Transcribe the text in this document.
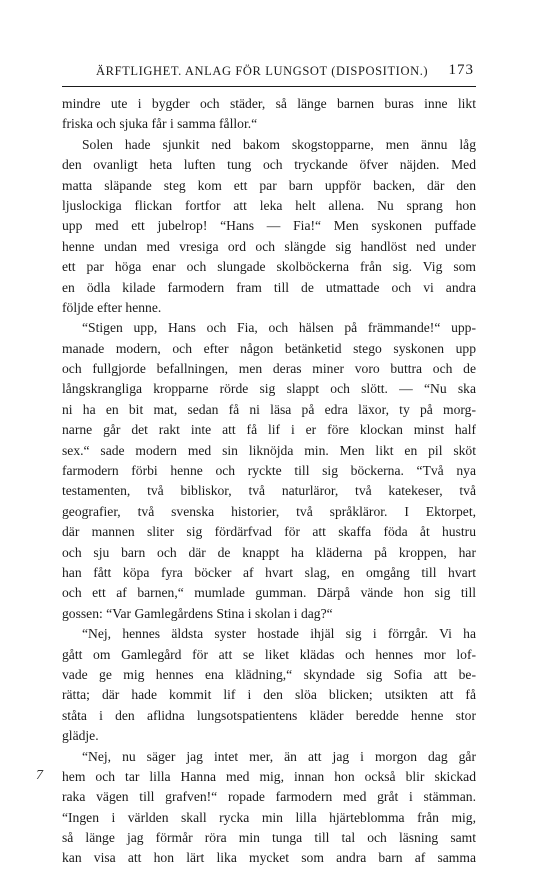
ÄRFTLIGHET. ANLAG FÖR LUNGSOT (DISPOSITION.) 173
mindre ute i bygder och städer, så länge barnen buras inne likt
friska och sjuka får i samma fållor.“
Solen hade sjunkit ned bakom skogstopparne, men ännu låg
den ovanligt heta luften tung och tryckande öfver näjden. Med
matta släpande steg kom ett par barn uppför backen, där den
ljuslockiga flickan fortfor att leka helt allena. Nu sprang hon
upp med ett jubelrop! “Hans — Fia!“ Men syskonen puffade
henne undan med vresiga ord och slängde sig handlöst ned under
ett par höga enar och slungade skolböckerna från sig. Vig som
en ödla kilade farmodern fram till de utmattade och vi andra
följde efter henne.
“Stigen upp, Hans och Fia, och hälsen på främmande!“ upp-
manade modern, och efter någon betänketid stego syskonen upp
och fullgjorde befallningen, men deras miner voro buttra och de
långskrangliga kropparne rörde sig slappt och slött. — “Nu ska
ni ha en bit mat, sedan få ni läsa på edra läxor, ty på morg-
narne går det rakt inte att få lif i er före klockan minst half
sex.“ sade modern med sin liknöjda min. Men likt en pil sköt
farmodern förbi henne och ryckte till sig böckerna. “Två nya
testamenten, två bibliskor, två naturläror, två katekeser, två
geografier, två svenska historier, två språkläror. I Ektorpet,
där mannen sliter sig fördärfvad för att skaffa föda åt hustru
och sju barn och där de knappt ha kläderna på kroppen, har
han fått köpa fyra böcker af hvart slag, en omgång till hvart
och ett af barnen,“ mumlade gumman. Därpå vände hon sig till
gossen: “Var Gamlegårdens Stina i skolan i dag?“
“Nej, hennes äldsta syster hostade ihjäl sig i förrgår. Vi ha
gått om Gamlegård för att se liket klädas och hennes mor lof-
vade ge mig hennes ena klädning,“ skyndade sig Sofia att be-
rätta; där hade kommit lif i den slöa blicken; utsikten att få
ståta i den aflidna lungsotspatientens kläder beredde henne stor
glädje.
“Nej, nu säger jag intet mer, än att jag i morgon dag går
hem och tar lilla Hanna med mig, innan hon också blir skickad
raka vägen till grafven!“ ropade farmodern med gråt i stämman.
“Ingen i världen skall rycka min lilla hjärteblomma från mig,
så länge jag förmår röra min tunga till tal och läsning samt
kan visa att hon lärt lika mycket som andra barn af samma
7
